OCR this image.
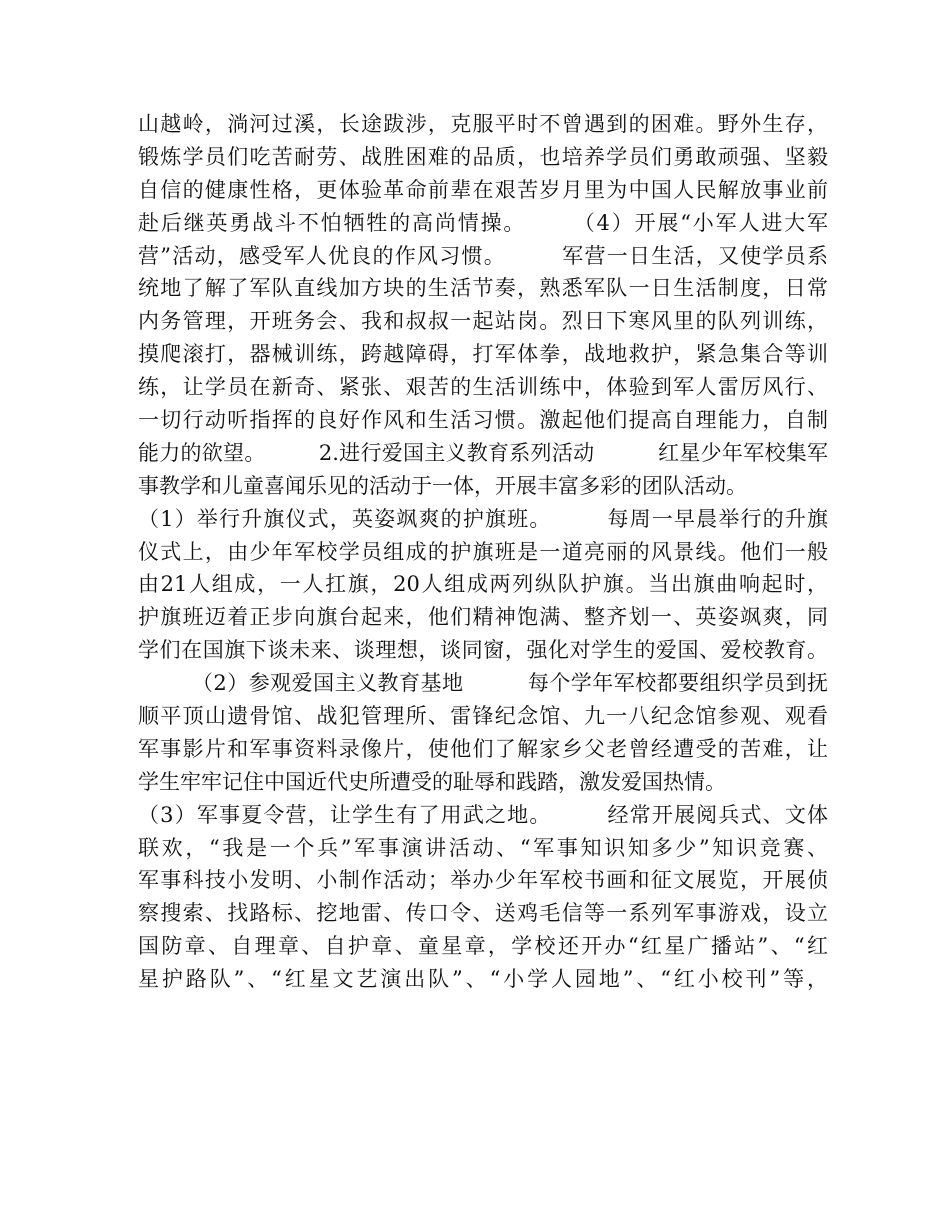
山越岭，淌河过溪，长途跋涉，克服平时不曾遇到的困难。野外生存，
锻炼学员们吃苦耐劳、战胜困难的品质，也培养学员们勇敢顽强、坚毅
自信的健康性格，更体验革命前辈在艰苦岁月里为中国人民解放事业前
赴后继英勇战斗不怕牺牲的高尚情操。　　　（4）开展“小军人进大军
营”活动，感受军人优良的作风习惯。　　　军营一日生活，又使学员系
统地了解了军队直线加方块的生活节奏，熟悉军队一日生活制度，日常
内务管理，开班务会、我和叔叔一起站岗。烈日下寒风里的队列训练，
摸爬滚打，器械训练，跨越障碍，打军体拳，战地救护，紧急集合等训
练，让学员在新奇、紧张、艰苦的生活训练中，体验到军人雷厉风行、
一切行动听指挥的良好作风和生活习惯。激起他们提高自理能力，自制
能力的欲望。　　　2.进行爱国主义教育系列活动　　　红星少年军校集军
事教学和儿童喜闻乐见的活动于一体，开展丰富多彩的团队活动。
（1）举行升旗仪式，英姿飒爽的护旗班。　　　每周一早晨举行的升旗
仪式上，由少年军校学员组成的护旗班是一道亮丽的风景线。他们一般
由21人组成，一人扛旗，20人组成两列纵队护旗。当出旗曲响起时，
护旗班迈着正步向旗台起来，他们精神饱满、整齐划一、英姿飒爽，同
学们在国旗下谈未来、谈理想，谈同窗，强化对学生的爱国、爱校教育。
　　　（2）参观爱国主义教育基地　　　每个学年军校都要组织学员到抚
顺平顶山遗骨馆、战犯管理所、雷锋纪念馆、九一八纪念馆参观、观看
军事影片和军事资料录像片，使他们了解家乡父老曾经遭受的苦难，让
学生牢牢记住中国近代史所遭受的耻辱和践踏，激发爱国热情。
（3）军事夏令营，让学生有了用武之地。　　　经常开展阅兵式、文体
联欢，“我是一个兵”军事演讲活动、“军事知识知多少”知识竞赛、
军事科技小发明、小制作活动；举办少年军校书画和征文展览，开展侦
察搜索、找路标、挖地雷、传口令、送鸡毛信等一系列军事游戏，设立
国防章、自理章、自护章、童星章，学校还开办“红星广播站”、“红
星护路队”、“红星文艺演出队”、“小学人园地”、“红小校刊”等，
